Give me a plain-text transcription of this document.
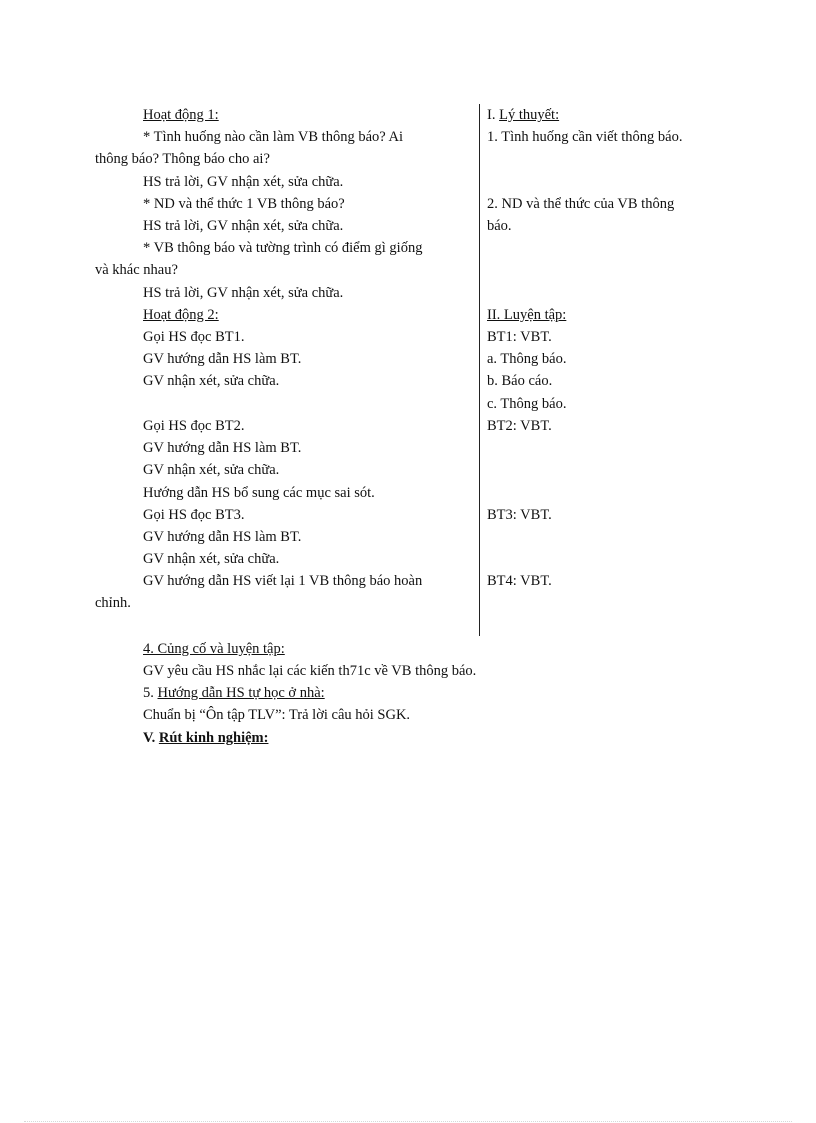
Hoạt động 1:
* Tình huống nào cần làm VB thông báo? Ai
thông báo? Thông báo cho ai?
HS trả lời, GV nhận xét, sửa chữa.
* ND và thể thức 1 VB thông báo?
HS trả lời, GV nhận xét, sửa chữa.
* VB thông báo và tường trình có điểm gì giống
và khác nhau?
HS trả lời, GV nhận xét, sửa chữa.
Hoạt động 2:
Gọi HS đọc BT1.
GV hướng dẫn HS làm BT.
GV nhận xét, sửa chữa.
Gọi HS đọc BT2.
GV hướng dẫn HS làm BT.
GV nhận xét, sửa chữa.
Hướng dẫn HS bổ sung các mục sai sót.
Gọi HS đọc BT3.
GV hướng dẫn HS làm BT.
GV nhận xét, sửa chữa.
GV hướng dẫn HS viết lại 1 VB thông báo hoàn
chỉnh.
I. Lý thuyết:
1. Tình huống cần viết thông báo.
2. ND và thể thức của VB thông
báo.
II. Luyện tập:
BT1: VBT.
a. Thông báo.
b. Báo cáo.
c. Thông báo.
BT2: VBT.
BT3: VBT.
BT4: VBT.
4. Củng cố và luyện tập:
GV yêu cầu HS nhắc lại các kiến th71c về VB thông báo.
5. Hướng dẫn HS tự học ở nhà:
Chuẩn bị “Ôn tập TLV”: Trả lời câu hỏi SGK.
V. Rút kinh nghiệm:
